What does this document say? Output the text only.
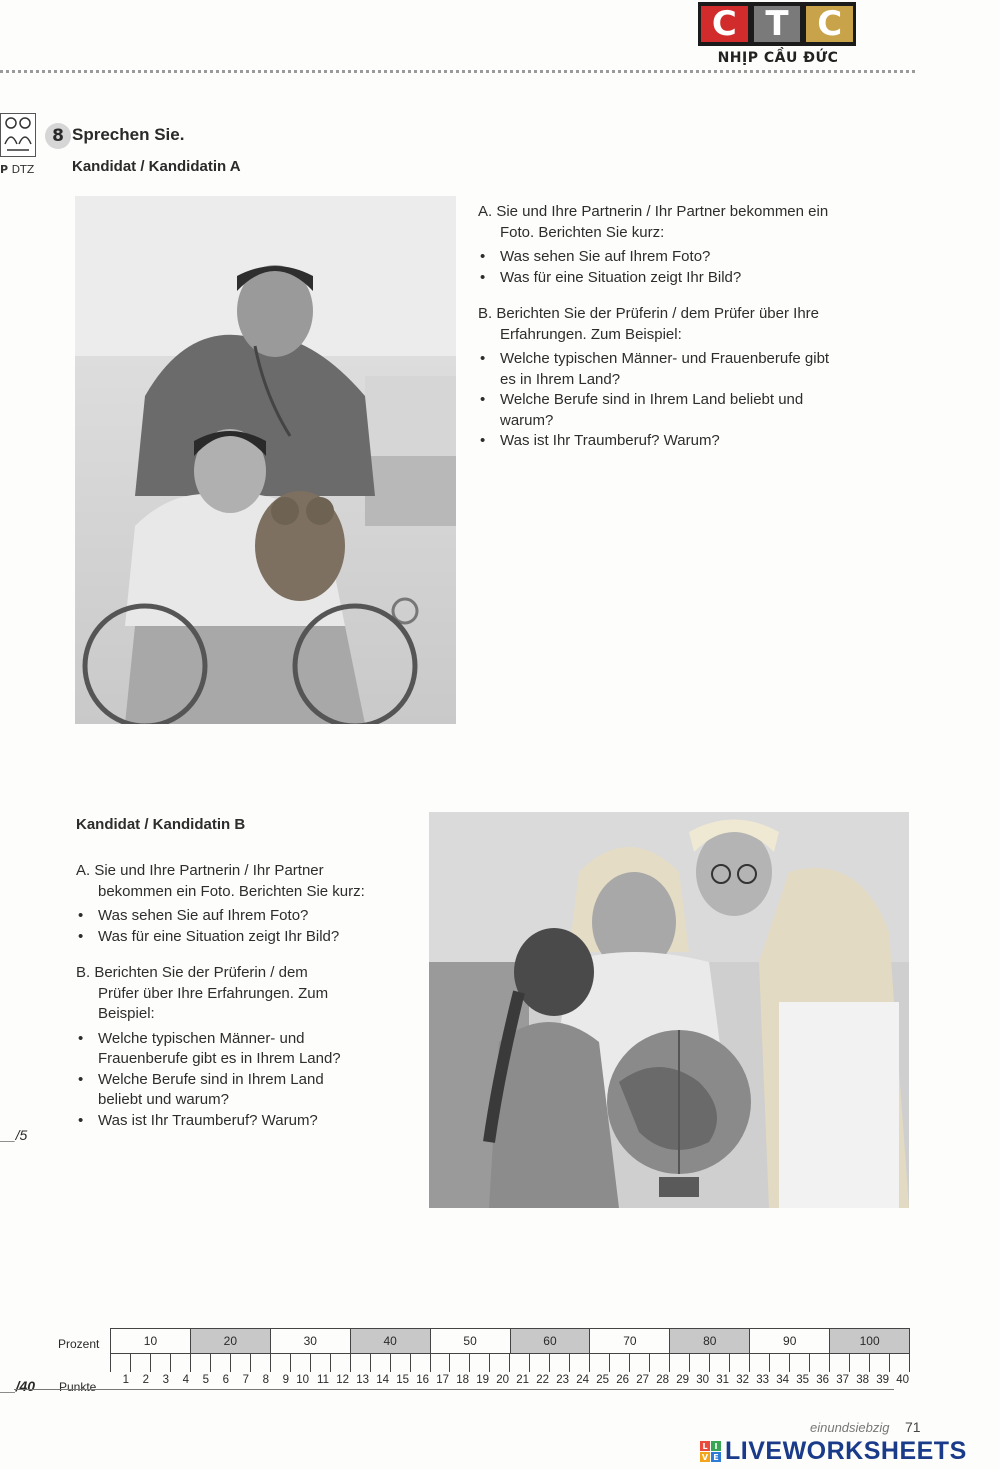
C T C
NHỊP CẦU ĐỨC
P DTZ
8 Sprechen Sie.
Kandidat / Kandidatin A

A. Sie und Ihre Partnerin / Ihr Partner bekommen ein
Foto. Berichten Sie kurz:

• Was sehen Sie auf Ihrem Foto?
• Was für eine Situation zeigt Ihr Bild?

B. Berichten Sie der Prüferin / dem Prüfer über Ihre
Erfahrungen. Zum Beispiel:

• Welche typischen Männer- und Frauenberufe gibt
es in Ihrem Land?
• Welche Berufe sind in Ihrem Land beliebt und
warum?
• Was ist Ihr Traumberuf? Warum?
Kandidat / Kandidatin B

A. Sie und Ihre Partnerin / Ihr Partner
bekommen ein Foto. Berichten Sie kurz:

• Was sehen Sie auf Ihrem Foto?
• Was für eine Situation zeigt Ihr Bild?

B. Berichten Sie der Prüferin / dem
Prüfer über Ihre Erfahrungen. Zum
Beispiel:

• Welche typischen Männer- und
Frauenberufe gibt es in Ihrem Land?
• Welche Berufe sind in Ihrem Land
beliebt und warum?
• Was ist Ihr Traumberuf? Warum?
__/5
__/40
Prozent
Punkte
10	20	30	40	50	60	70	80	90	100
1	2	3	4	5	6	7	8	9 10 11 12 13 14 15 16 17 18 19 20 21 22 23 24 25 26 27 28 29 30 31 32 33 34 35 36 37 38 39 40
einundsiebzig 71
L I
V E LIVEWORKSHEETS
